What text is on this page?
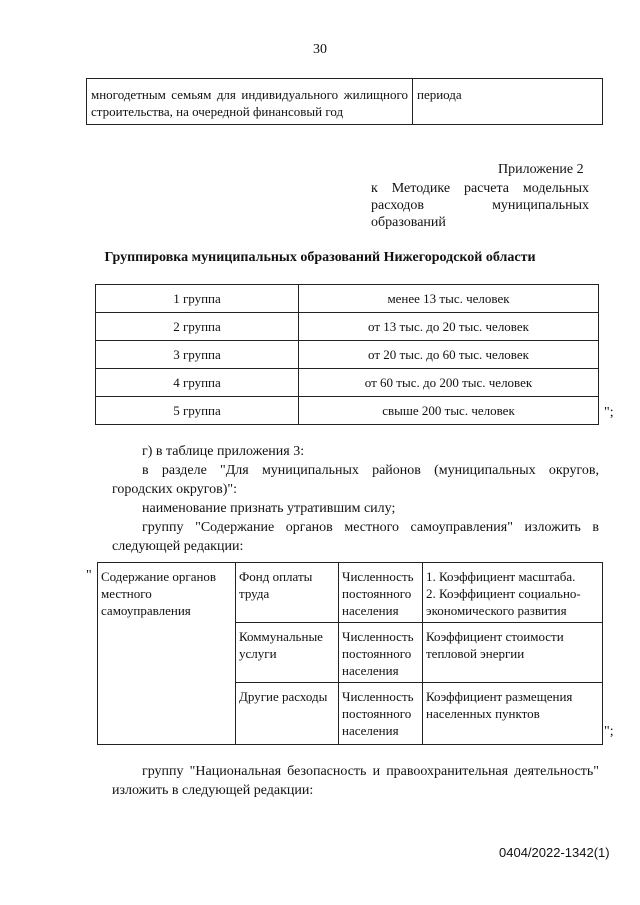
30
многодетным семьям для индивидуального жилищного строительства, на очередной финансовый год	периода
Приложение 2
к Методике расчета модельных расходов муниципальных образований
Группировка муниципальных образований Нижегородской области
1 группа	менее 13 тыс. человек
2 группа	от 13 тыс. до 20 тыс. человек
3 группа	от 20 тыс. до 60 тыс. человек
4 группа	от 60 тыс. до 200 тыс. человек
5 группа	свыше 200 тыс. человек	";
г) в таблице приложения 3:
в разделе "Для муниципальных районов (муниципальных округов, городских округов)":
наименование признать утратившим силу;
группу "Содержание органов местного самоуправления" изложить в следующей редакции:
" Содержание органов местного самоуправления	Фонд оплаты труда	Численность постоянного населения	1. Коэффициент масштаба.
2. Коэффициент социально-экономического развития
	Коммунальные услуги	Численность постоянного населения	Коэффициент стоимости тепловой энергии
	Другие расходы	Численность постоянного населения	Коэффициент размещения населенных пунктов
";
группу "Национальная безопасность и правоохранительная деятельность" изложить в следующей редакции:
0404/2022-1342(1)
